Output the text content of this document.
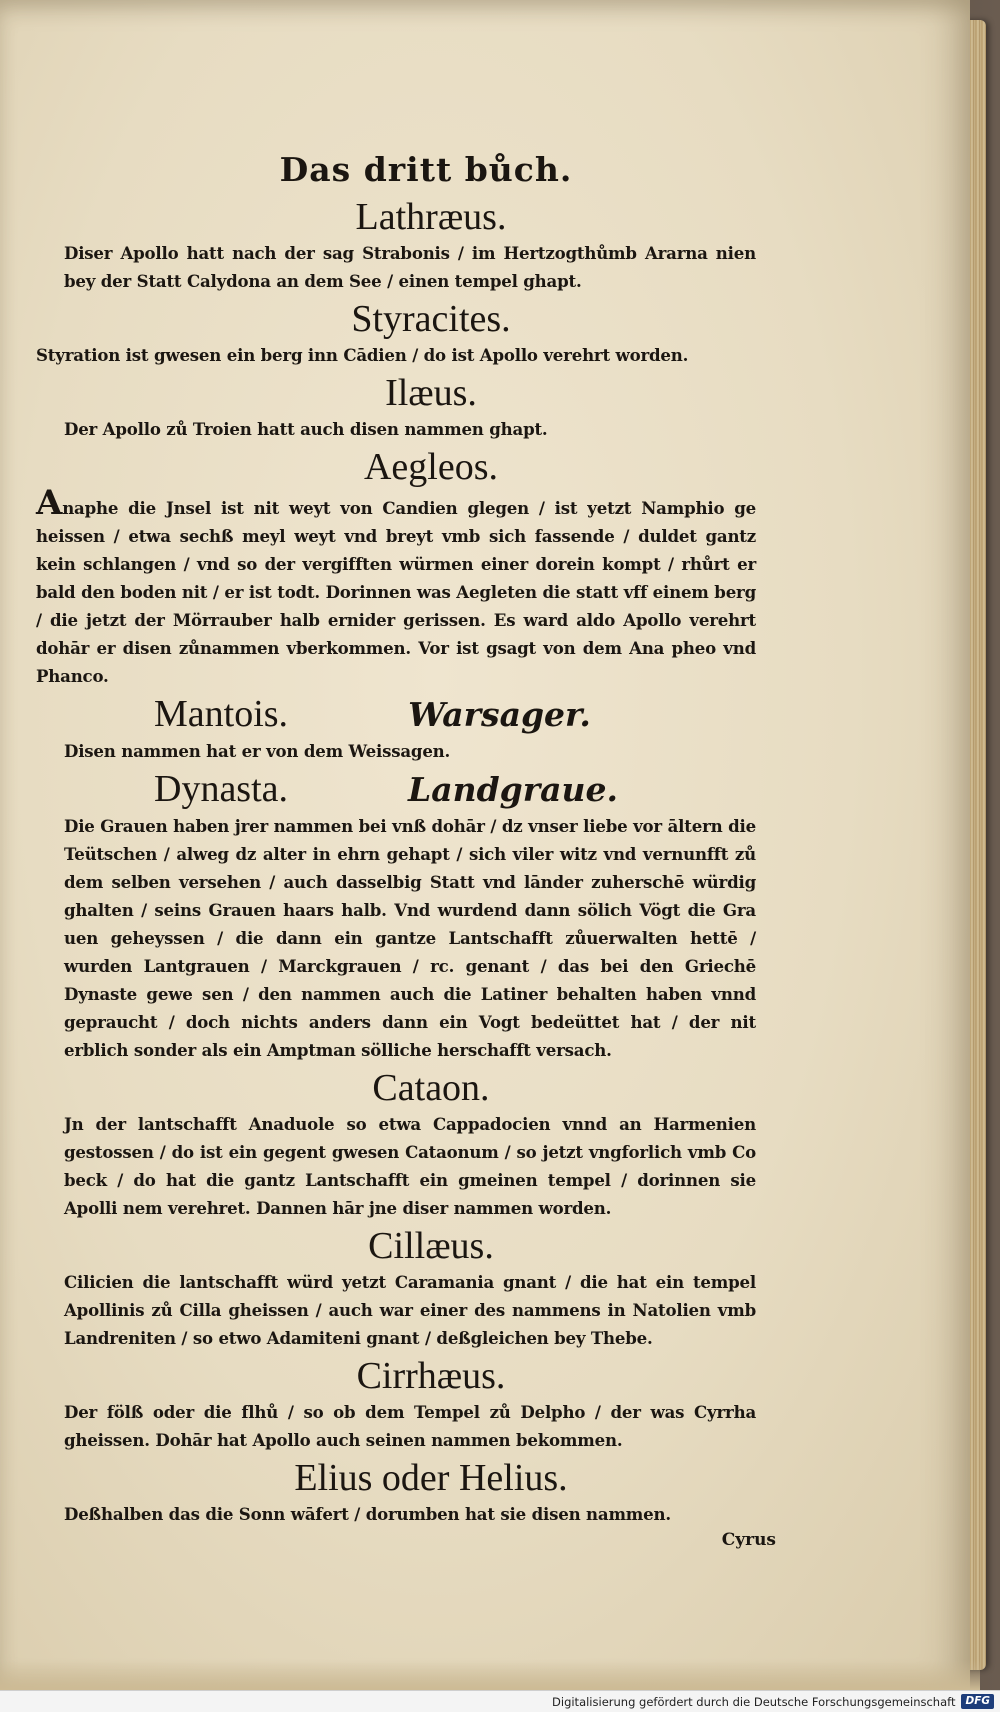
Das dritt bůch.
Lathræus.

Diser Apollo hatt nach der sag Strabonis / im Hertzogthůmb Ararna nien bey der Statt Calydona an dem See / einen tempel ghapt.

Styracites.

Styration ist gwesen ein berg inn Cādien / do ist Apollo verehrt worden.

Ilæus.

Der Apollo zů Troien hatt auch disen nammen ghapt.

Aegleos.

Anaphe die Jnsel ist nit weyt von Candien glegen / ist yetzt Namphio ge heissen / etwa sechß meyl weyt vnd breyt vmb sich fassende / duldet gantz kein schlangen / vnd so der vergifften würmen einer dorein kompt / rhůrt er bald den boden nit / er ist todt. Dorinnen was Aegleten die statt vff einem berg / die jetzt der Mörrauber halb ernider gerissen. Es ward aldo Apollo verehrt dohār er disen zůnammen vberkommen. Vor ist gsagt von dem Ana pheo vnd Phanco.

Mantois.	Warsager.

Disen nammen hat er von dem Weissagen.

Dynasta.	Landgraue.

Die Grauen haben jrer nammen bei vnß dohār / dz vnser liebe vor āltern die Teütschen / alweg dz alter in ehrn gehapt / sich viler witz vnd vernunfft zů dem selben versehen / auch dasselbig Statt vnd lānder zuherschē würdig ghalten / seins Grauen haars halb. Vnd wurdend dann sölich Vögt die Gra uen geheyssen / die dann ein gantze Lantschafft zůuerwalten hettē / wurden Lantgrauen / Marckgrauen / rc. genant / das bei den Griechē Dynaste gewe sen / den nammen auch die Latiner behalten haben vnnd gepraucht / doch nichts anders dann ein Vogt bedeüttet hat / der nit erblich sonder als ein Amptman sölliche herschafft versach.

Cataon.

Jn der lantschafft Anaduole so etwa Cappadocien vnnd an Harmenien gestossen / do ist ein gegent gwesen Cataonum / so jetzt vngforlich vmb Co beck / do hat die gantz Lantschafft ein gmeinen tempel / dorinnen sie Apolli nem verehret. Dannen hār jne diser nammen worden.

Cillæus.

Cilicien die lantschafft würd yetzt Caramania gnant / die hat ein tempel Apollinis zů Cilla gheissen / auch war einer des nammens in Natolien vmb Landreniten / so etwo Adamiteni gnant / deßgleichen bey Thebe.

Cirrhæus.

Der fölß oder die flhů / so ob dem Tempel zů Delpho / der was Cyrrha gheissen. Dohār hat Apollo auch seinen nammen bekommen.

Elius oder Helius.

Deßhalben das die Sonn wāfert / dorumben hat sie disen nammen.

Cyrus
Digitalisierung gefördert durch die Deutsche Forschungsgemeinschaft DFG
